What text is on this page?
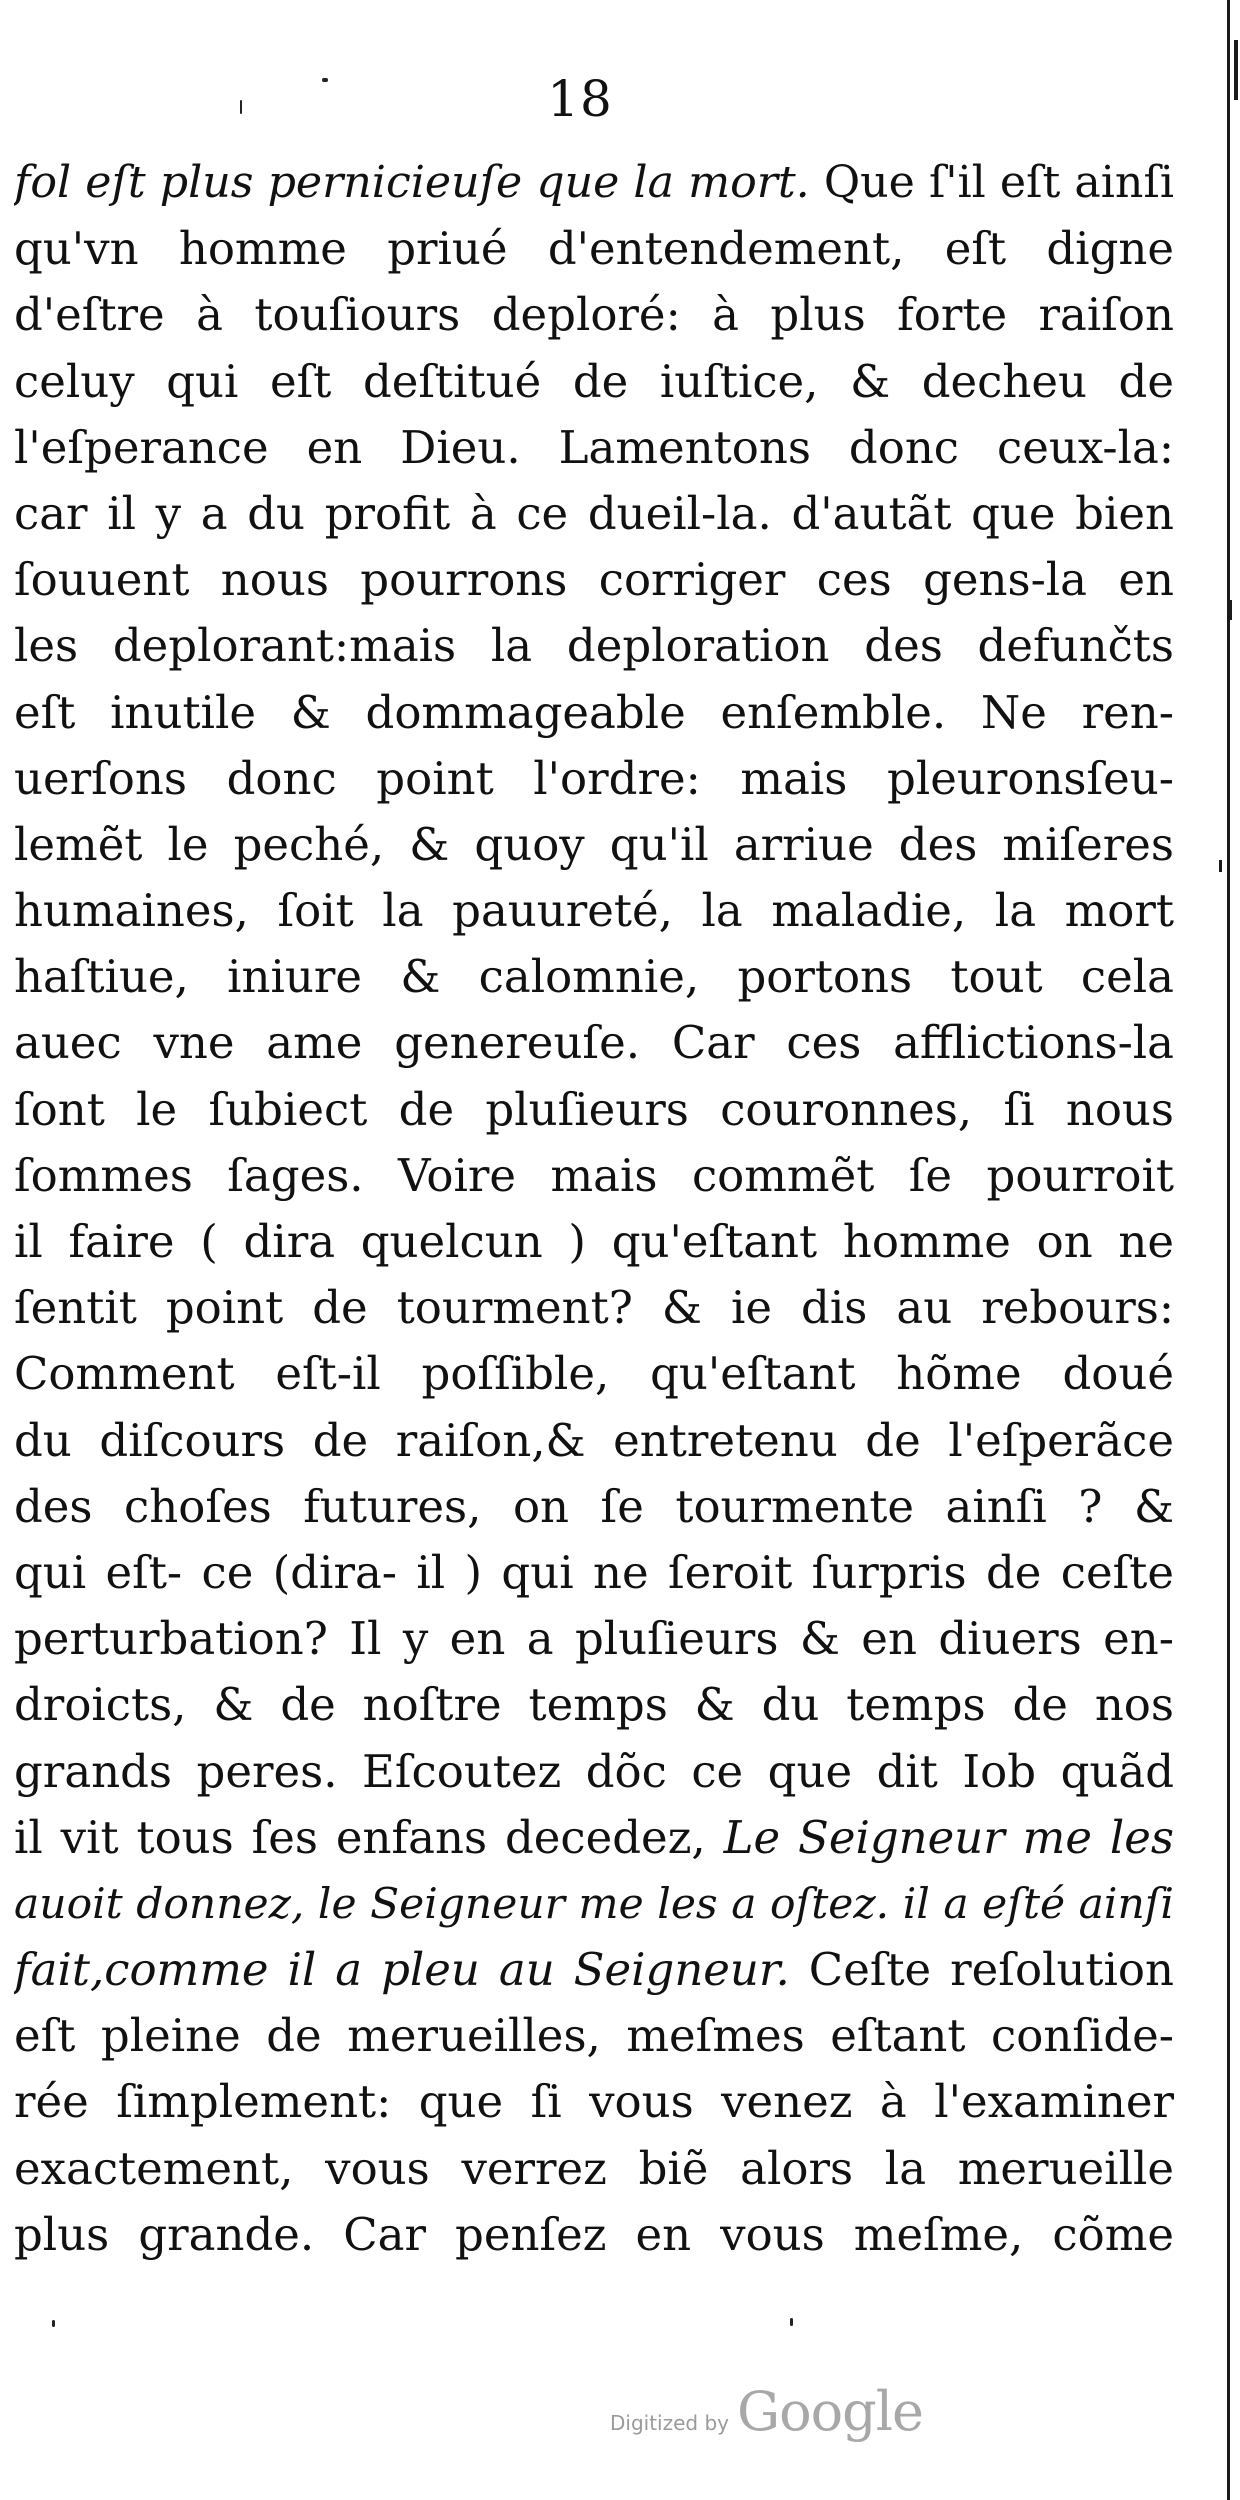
18
fol eſt plus pernicieuſe que la mort. Que ſ'il eſt ainſi
qu'vn homme priué d'entendement, eſt digne
d'eſtre à touſiours deploré: à plus forte raiſon
celuy qui eſt deſtitué de iuſtice, & decheu de
l'eſperance en Dieu. Lamentons donc ceux-la:
car il y a du profit à ce dueil-la. d'autãt que bien
ſouuent nous pourrons corriger ces gens-la en
les deplorant:mais la deploration des defunčts
eſt inutile & dommageable enſemble. Ne ren-
uerſons donc point l'ordre: mais pleuronsſeu-
lemẽt le peché, & quoy qu'il arriue des miſeres
humaines, ſoit la pauureté, la maladie, la mort
haſtiue, iniure & calomnie, portons tout cela
auec vne ame genereuſe. Car ces afflictions-la
ſont le ſubiect de pluſieurs couronnes, ſi nous
ſommes ſages. Voire mais commẽt ſe pourroit
il faire ( dira quelcun ) qu'eſtant homme on ne
ſentit point de tourment? & ie dis au rebours:
Comment eſt-il poſſible, qu'eſtant hõme doué
du diſcours de raiſon,& entretenu de l'eſperãce
des choſes futures, on ſe tourmente ainſi ? &
qui eſt- ce (dira- il ) qui ne ſeroit ſurpris de ceſte
perturbation? Il y en a pluſieurs & en diuers en-
droicts, & de noſtre temps & du temps de nos
grands peres. Eſcoutez dõc ce que dit Iob quãd
il vit tous ſes enfans decedez, Le Seigneur me les
auoit donnez, le Seigneur me les a oſtez. il a eſté ainſi
fait,comme il a pleu au Seigneur. Ceſte reſolution
eſt pleine de merueilles, meſmes eſtant conſide-
rée ſimplement: que ſi vous venez à l'examiner
exactement, vous verrez biẽ alors la merueille
plus grande. Car penſez en vous meſme, cõme
Digitized by Google
